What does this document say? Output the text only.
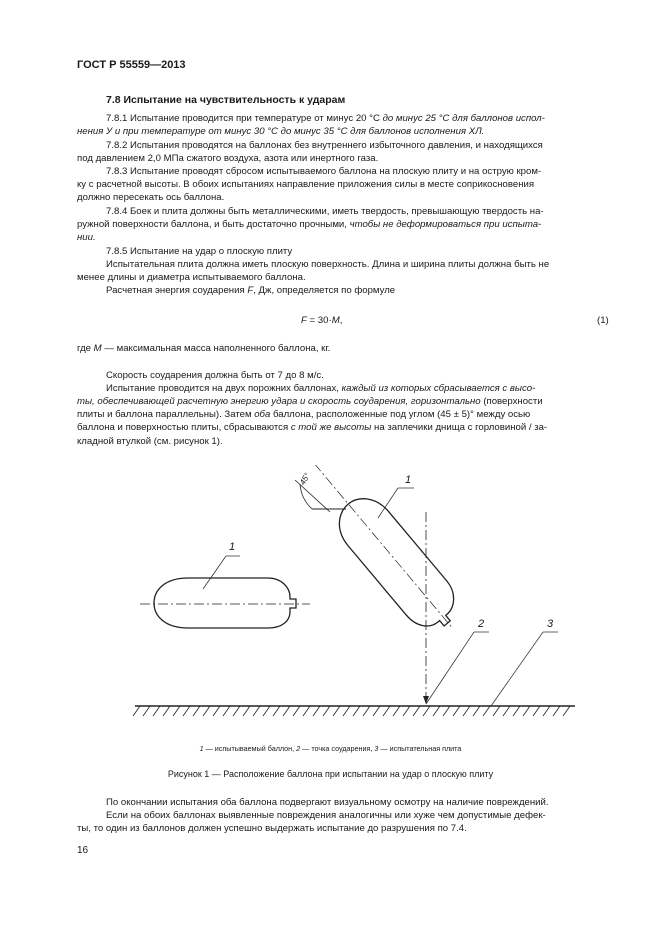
ГОСТ Р 55559—2013
7.8 Испытание на чувствительность к ударам
7.8.1 Испытание проводится при температуре от минус 20 °C до минус 25 °C для баллонов испол-
нения У и при температуре от минус 30 °C до минус 35 °C для баллонов исполнения ХЛ.
7.8.2 Испытания проводятся на баллонах без внутреннего избыточного давления, и находящихся
под давлением 2,0 МПа сжатого воздуха, азота или инертного газа.
7.8.3 Испытание проводят сбросом испытываемого баллона на плоскую плиту и на острую кром-
ку с расчетной высоты. В обоих испытаниях направление приложения силы в месте соприкосновения
должно пересекать ось баллона.
7.8.4 Боек и плита должны быть металлическими, иметь твердость, превышающую твердость на-
ружной поверхности баллона, и быть достаточно прочными, чтобы не деформироваться при испыта-
нии.
7.8.5 Испытание на удар о плоскую плиту
Испытательная плита должна иметь плоскую поверхность. Длина и ширина плиты должна быть не
менее длины и диаметра испытываемого баллона.
Расчетная энергия соударения F, Дж, определяется по формуле
F = 30·M,	(1)
где M — максимальная масса наполненного баллона, кг.
Скорость соударения должна быть от 7 до 8 м/с.
Испытание проводится на двух порожних баллонах, каждый из которых сбрасывается с высо-
ты, обеспечивающей расчетную энергию удара и скорость соударения, горизонтально (поверхности
плиты и баллона параллельны). Затем оба баллона, расположенные под углом (45 ± 5)° между осью
баллона и поверхностью плиты, сбрасываются с той же высоты на заплечики днища с горловиной / за-
кладной втулкой (см. рисунок 1).
45°
1
1
2	3
1 — испытываемый баллон, 2 — точка соударения, 3 — испытательная плита
Рисунок 1 — Расположение баллона при испытании на удар о плоскую плиту
По окончании испытания оба баллона подвергают визуальному осмотру на наличие повреждений.
Если на обоих баллонах выявленные повреждения аналогичны или хуже чем допустимые дефек-
ты, то один из баллонов должен успешно выдержать испытание до разрушения по 7.4.
16
